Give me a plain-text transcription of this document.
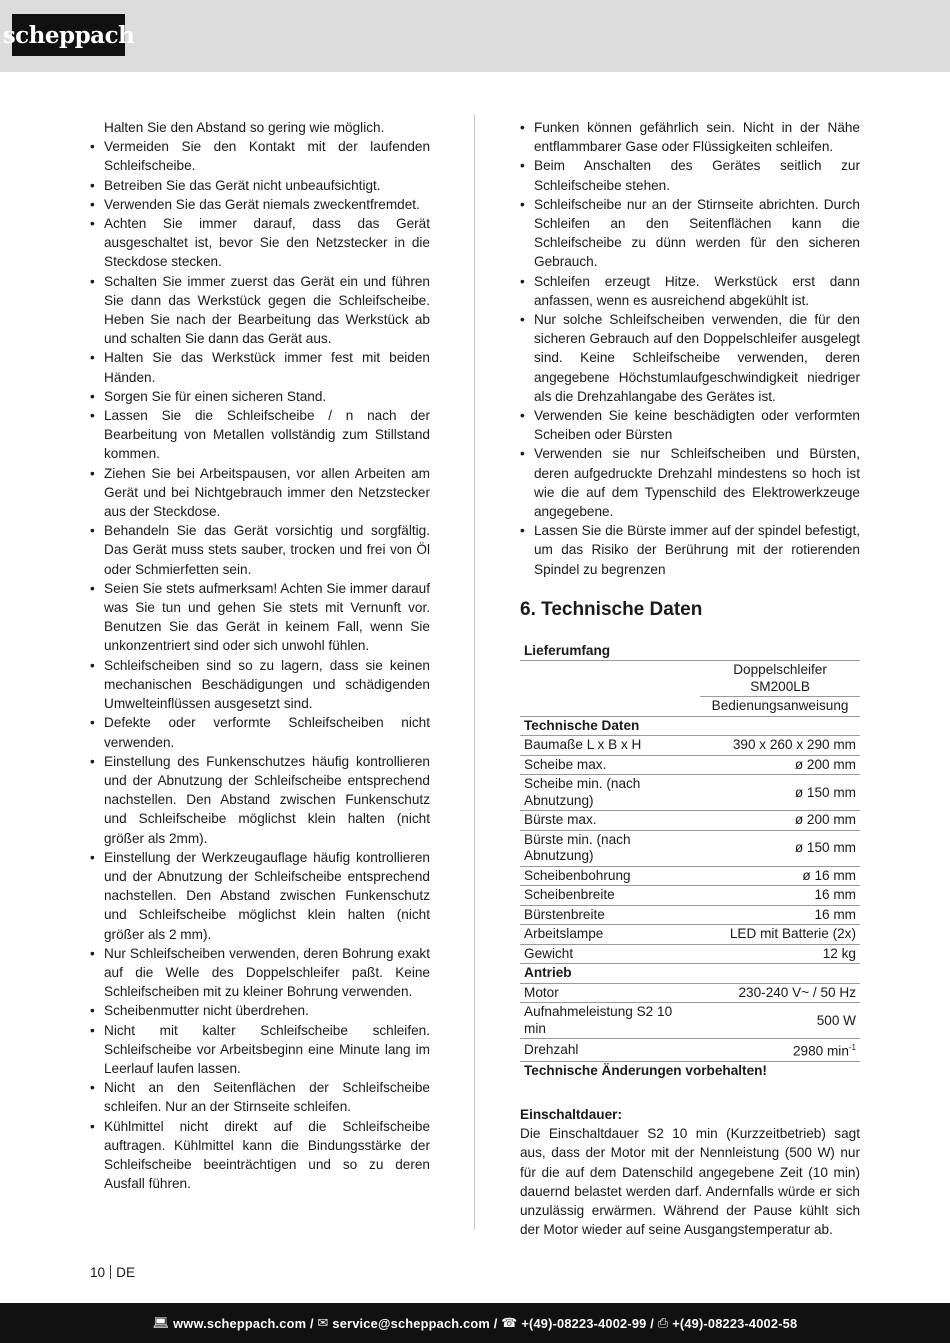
scheppach
Halten Sie den Abstand so gering wie möglich.
• Vermeiden Sie den Kontakt mit der laufenden Schleifscheibe.
• Betreiben Sie das Gerät nicht unbeaufsichtigt.
• Verwenden Sie das Gerät niemals zweckentfremdet.
• Achten Sie immer darauf, dass das Gerät ausgeschaltet ist, bevor Sie den Netzstecker in die Steckdose stecken.
• Schalten Sie immer zuerst das Gerät ein und führen Sie dann das Werkstück gegen die Schleifscheibe. Heben Sie nach der Bearbeitung das Werkstück ab und schalten Sie dann das Gerät aus.
• Halten Sie das Werkstück immer fest mit beiden Händen.
• Sorgen Sie für einen sicheren Stand.
• Lassen Sie die Schleifscheibe / n nach der Bearbeitung von Metallen vollständig zum Stillstand kommen.
• Ziehen Sie bei Arbeitspausen, vor allen Arbeiten am Gerät und bei Nichtgebrauch immer den Netzstecker aus der Steckdose.
• Behandeln Sie das Gerät vorsichtig und sorgfältig. Das Gerät muss stets sauber, trocken und frei von Öl oder Schmierfetten sein.
• Seien Sie stets aufmerksam! Achten Sie immer darauf was Sie tun und gehen Sie stets mit Vernunft vor. Benutzen Sie das Gerät in keinem Fall, wenn Sie unkonzentriert sind oder sich unwohl fühlen.
• Schleifscheiben sind so zu lagern, dass sie keinen mechanischen Beschädigungen und schädigenden Umwelteinflüssen ausgesetzt sind.
• Defekte oder verformte Schleifscheiben nicht verwenden.
• Einstellung des Funkenschutzes häufig kontrollieren und der Abnutzung der Schleifscheibe entsprechend nachstellen. Den Abstand zwischen Funkenschutz und Schleifscheibe möglichst klein halten (nicht größer als 2mm).
• Einstellung der Werkzeugauflage häufig kontrollieren und der Abnutzung der Schleifscheibe entsprechend nachstellen. Den Abstand zwischen Funkenschutz und Schleifscheibe möglichst klein halten (nicht größer als 2 mm).
• Nur Schleifscheiben verwenden, deren Bohrung exakt auf die Welle des Doppelschleifer paßt. Keine Schleifscheiben mit zu kleiner Bohrung verwenden.
• Scheibenmutter nicht überdrehen.
• Nicht mit kalter Schleifscheibe schleifen. Schleifscheibe vor Arbeitsbeginn eine Minute lang im Leerlauf laufen lassen.
• Nicht an den Seitenflächen der Schleifscheibe schleifen. Nur an der Stirnseite schleifen.
• Kühlmittel nicht direkt auf die Schleifscheibe auftragen. Kühlmittel kann die Bindungsstärke der Schleifscheibe beeinträchtigen und so zu deren Ausfall führen.
• Funken können gefährlich sein. Nicht in der Nähe entflammbarer Gase oder Flüssigkeiten schleifen.
• Beim Anschalten des Gerätes seitlich zur Schleifscheibe stehen.
• Schleifscheibe nur an der Stirnseite abrichten. Durch Schleifen an den Seitenflächen kann die Schleifscheibe zu dünn werden für den sicheren Gebrauch.
• Schleifen erzeugt Hitze. Werkstück erst dann anfassen, wenn es ausreichend abgekühlt ist.
• Nur solche Schleifscheiben verwenden, die für den sicheren Gebrauch auf den Doppelschleifer ausgelegt sind. Keine Schleifscheibe verwenden, deren angegebene Höchstumlaufgeschwindigkeit niedriger als die Drehzahlangabe des Gerätes ist.
• Verwenden Sie keine beschädigten oder verformten Scheiben oder Bürsten
• Verwenden sie nur Schleifscheiben und Bürsten, deren aufgedruckte Drehzahl mindestens so hoch ist wie die auf dem Typenschild des Elektrowerkzeuge angegebene.
• Lassen Sie die Bürste immer auf der spindel befestigt, um das Risiko der Berührung mit der rotierenden Spindel zu begrenzen
6. Technische Daten
Lieferumfang	
	Doppelschleifer SM200LB
	Bedienungsanweisung
Technische Daten	
Baumaße L x B x H	390 x 260 x 290 mm
Scheibe max.	ø 200 mm
Scheibe min. (nach Abnutzung)	ø 150 mm
Bürste max.	ø 200 mm
Bürste min. (nach Abnutzung)	ø 150 mm
Scheibenbohrung	ø 16 mm
Scheibenbreite	16 mm
Bürstenbreite	16 mm
Arbeitslampe	LED mit Batterie (2x)
Gewicht	12 kg
Antrieb	
Motor	230-240 V~ / 50 Hz
Aufnahmeleistung S2 10 min	500 W
Drehzahl	2980 $\min^{-1}$
Technische Änderungen vorbehalten!	
Einschaltdauer:
Die Einschaltdauer S2 10 min (Kurzzeitbetrieb) sagt aus, dass der Motor mit der Nennleistung (500 W) nur für die auf dem Datenschild angegebene Zeit (10 min) dauernd belastet werden darf. Andernfalls würde er sich unzulässig erwärmen. Während der Pause kühlt sich der Motor wieder auf seine Ausgangstemperatur ab.
10 DE
💻︎ www.scheppach.com /
✉ service@scheppach.com /
☎ +(49)-08223-4002-99 /
⎙ +(49)-08223-4002-58
